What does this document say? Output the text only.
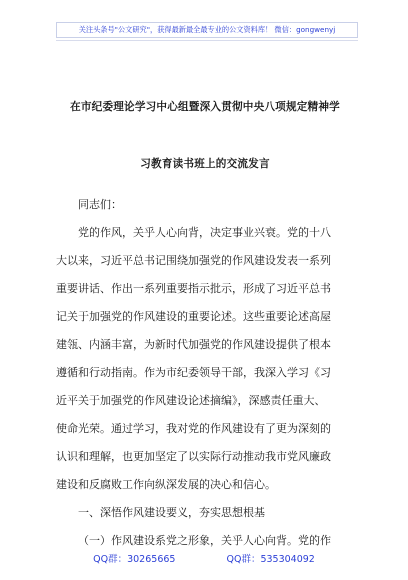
关注头条号"公文研究"，获得最新最全最专业的公文资料库！ 微信：gongwenyj
在市纪委理论学习中心组暨深入贯彻中央八项规定精神学
习教育读书班上的交流发言
同志们：
党的作风，关乎人心向背，决定事业兴衰。党的十八
大以来，习近平总书记围绕加强党的作风建设发表一系列
重要讲话、作出一系列重要指示批示，形成了习近平总书
记关于加强党的作风建设的重要论述。这些重要论述高屋
建瓴、内涵丰富，为新时代加强党的作风建设提供了根本
遵循和行动指南。作为市纪委领导干部，我深入学习《习
近平关于加强党的作风建设论述摘编》，深感责任重大、
使命光荣。通过学习，我对党的作风建设有了更为深刻的
认识和理解，也更加坚定了以实际行动推动我市党风廉政
建设和反腐败工作向纵深发展的决心和信心。
一、深悟作风建设要义，夯实思想根基
（一）作风建设系党之形象，关乎人心向背。党的作
QQ群：30265665	QQ群：535304092
